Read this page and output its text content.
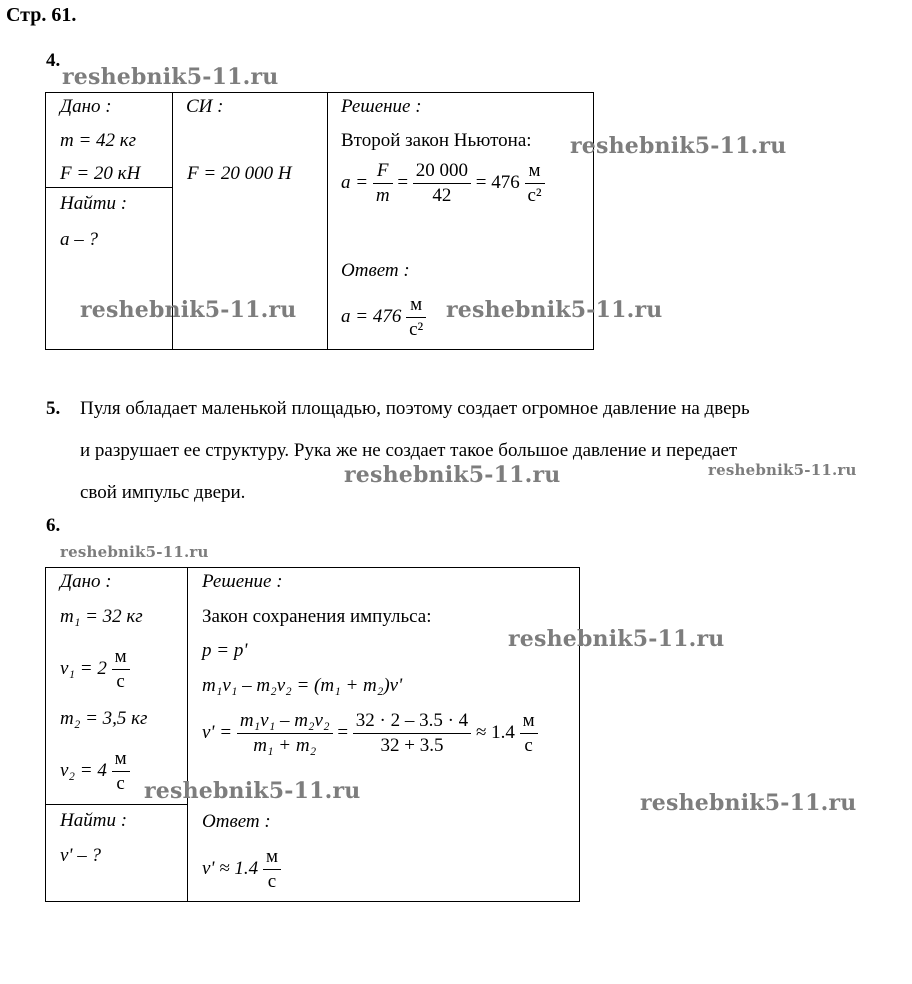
Стр. 61.
4.
reshebnik5-11.ru
Дано :
m = 42 кг
F = 20 кН
Найти :
a – ?
СИ :
F = 20 000 Н
Решение :
Второй закон Ньютона:
$a = \frac{F}{m} = \frac{20 000}{42} = 476 \frac{м}{\text{с²}}$
Ответ :
$a = 476 \frac{м}{\text{с²}}$
reshebnik5-11.ru
reshebnik5-11.ru	reshebnik5-11.ru
5. Пуля обладает маленькой площадью, поэтому создает огромное давление на дверь
и разрушает ее структуру. Рука же не создает такое большое давление и передает
свой импульс двери.
reshebnik5-11.ru	reshebnik5-11.ru
6.
reshebnik5-11.ru
Дано :
m₁ = 32 кг
$v_1 = 2 \frac{м}{с}$
m₂ = 3,5 кг
$v_2 = 4 \frac{м}{с}$
Найти :
v' – ?
Решение :
Закон сохранения импульса:
p = p'
m₁v₁ – m₂v₂ = (m₁ + m₂)v'
$v' = \frac{\text{m₁v₁ – m₂v₂}}{\text{m₁ + m₂}} = \frac{32 \cdot 2 - 3.5 \cdot 4}{32 + 3.5} \approx 1.4 \frac{м}{с}$
Ответ :
$v' \approx 1.4 \frac{м}{с}$
reshebnik5-11.ru
reshebnik5-11.ru	reshebnik5-11.ru
